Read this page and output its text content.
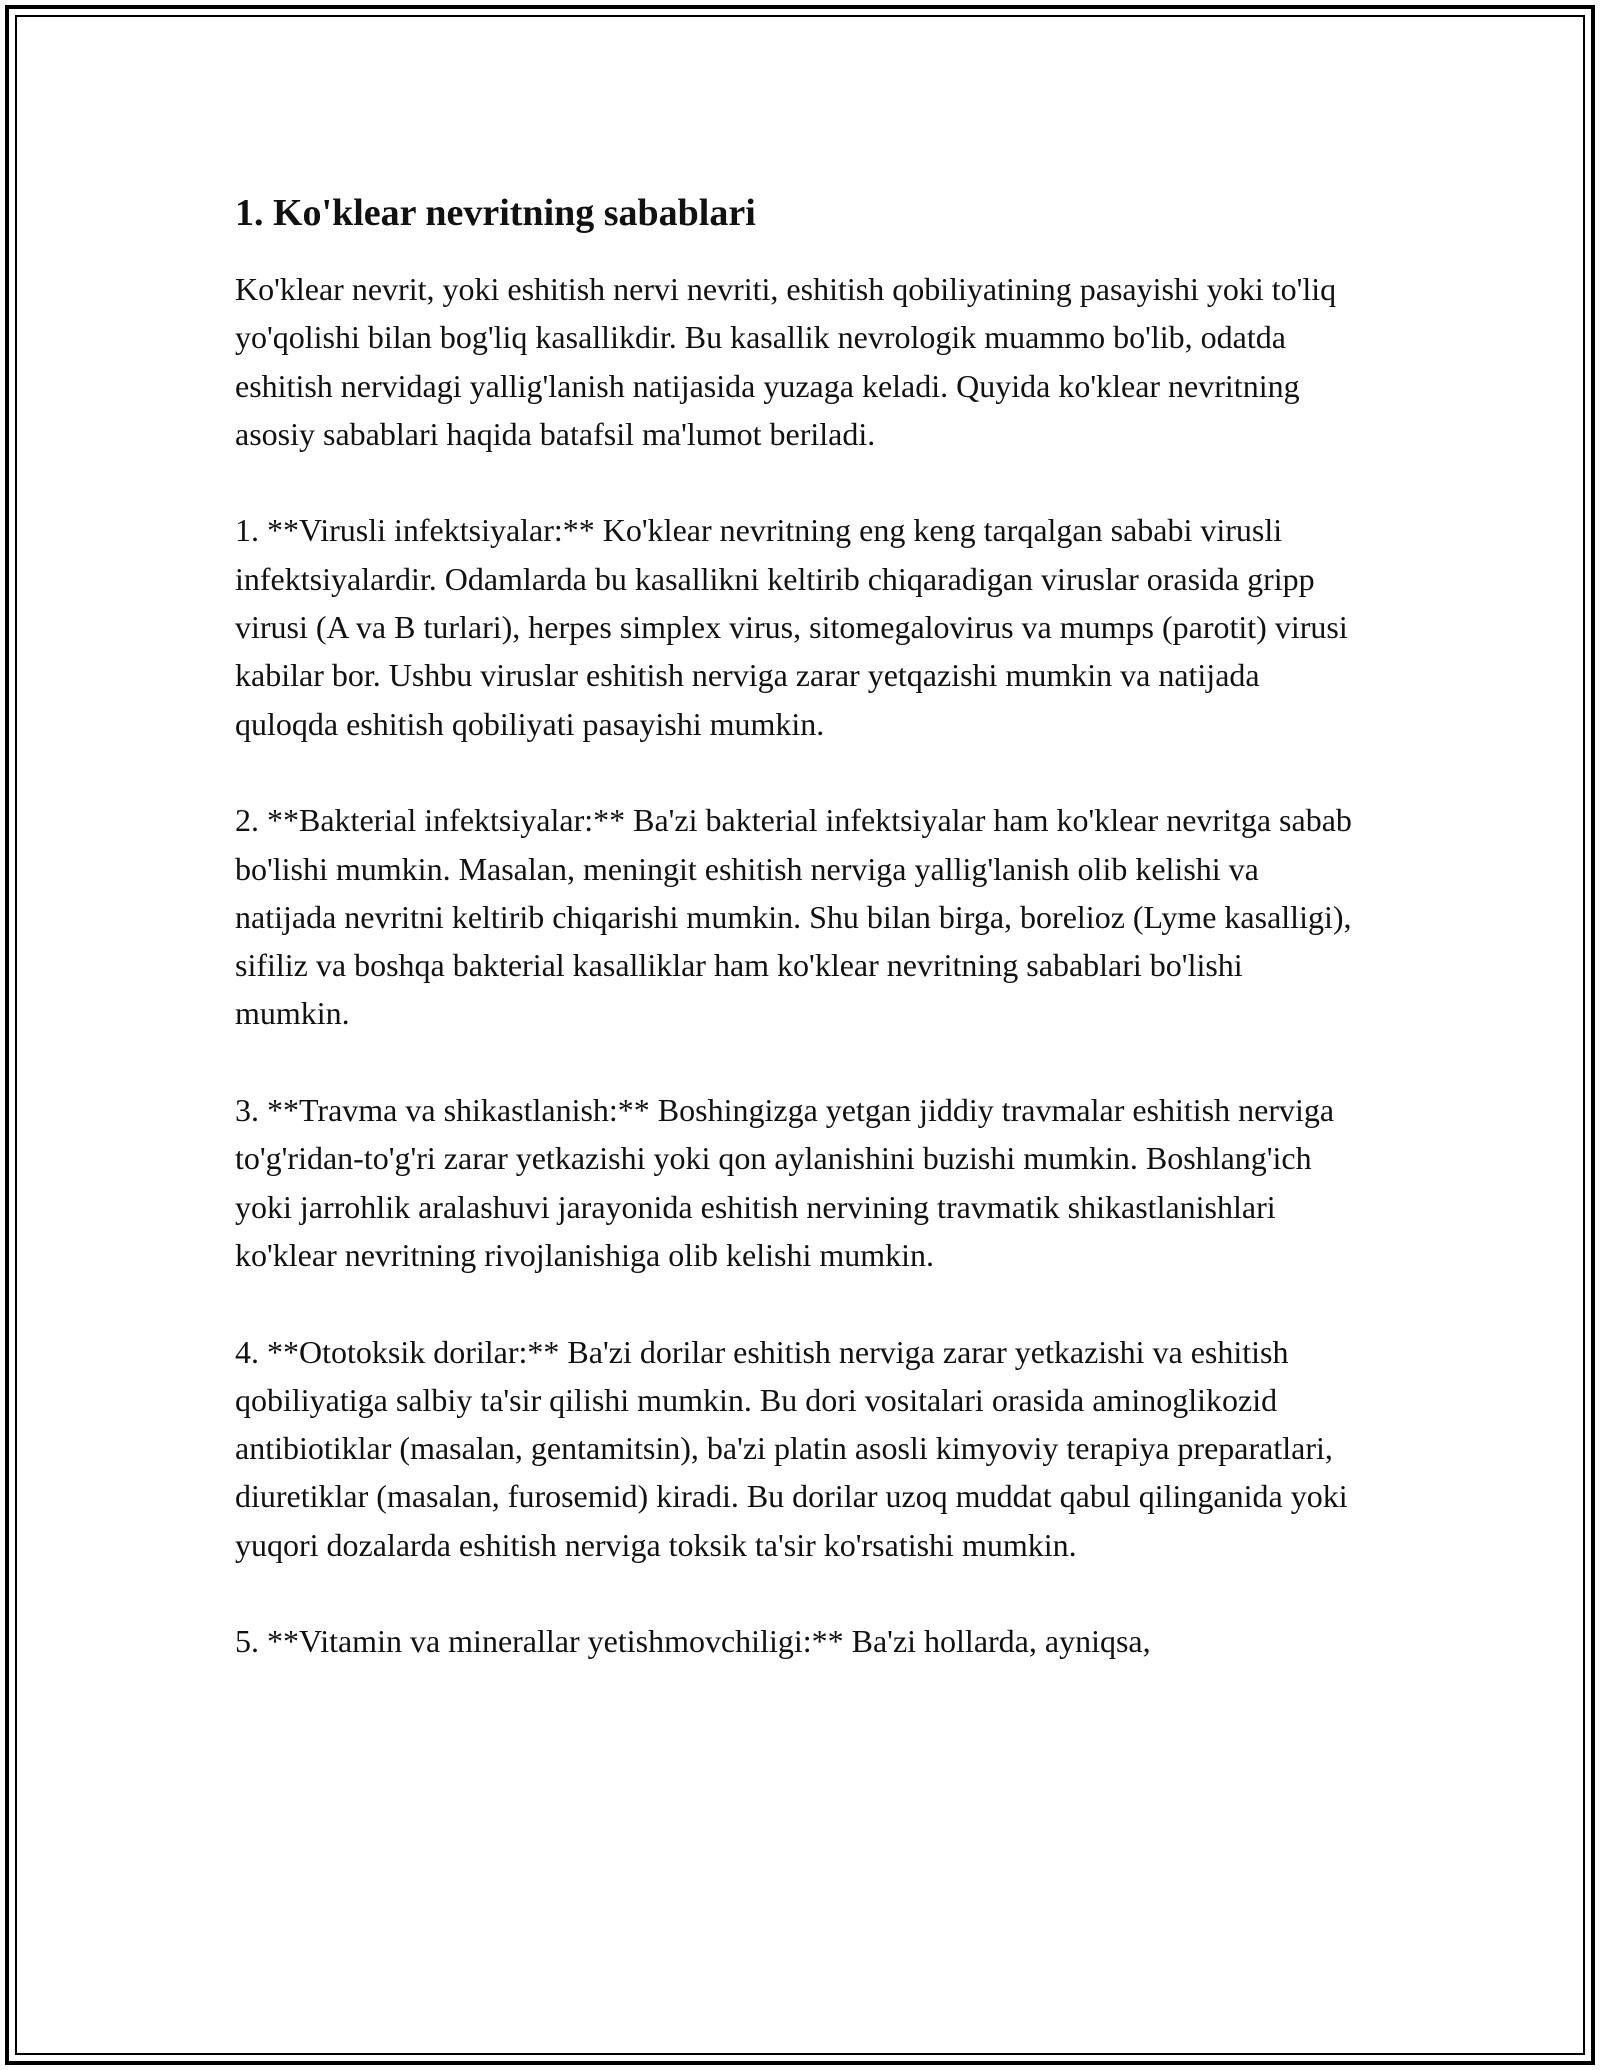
1. Ko'klear nevritning sabablari

Ko'klear nevrit, yoki eshitish nervi nevriti, eshitish qobiliyatining pasayishi yoki to'liq yo'qolishi bilan bog'liq kasallikdir. Bu kasallik nevrologik muammo bo'lib, odatda eshitish nervidagi yallig'lanish natijasida yuzaga keladi. Quyida ko'klear nevritning asosiy sabablari haqida batafsil ma'lumot beriladi.

1. **Virusli infektsiyalar:** Ko'klear nevritning eng keng tarqalgan sababi virusli infektsiyalardir. Odamlarda bu kasallikni keltirib chiqaradigan viruslar orasida gripp virusi (A va B turlari), herpes simplex virus, sitomegalovirus va mumps (parotit) virusi kabilar bor. Ushbu viruslar eshitish nerviga zarar yetqazishi mumkin va natijada quloqda eshitish qobiliyati pasayishi mumkin.

2. **Bakterial infektsiyalar:** Ba'zi bakterial infektsiyalar ham ko'klear nevritga sabab bo'lishi mumkin. Masalan, meningit eshitish nerviga yallig'lanish olib kelishi va natijada nevritni keltirib chiqarishi mumkin. Shu bilan birga, borelioz (Lyme kasalligi), sifiliz va boshqa bakterial kasalliklar ham ko'klear nevritning sabablari bo'lishi mumkin.

3. **Travma va shikastlanish:** Boshingizga yetgan jiddiy travmalar eshitish nerviga to'g'ridan-to'g'ri zarar yetkazishi yoki qon aylanishini buzishi mumkin. Boshlang'ich yoki jarrohlik aralashuvi jarayonida eshitish nervining travmatik shikastlanishlari ko'klear nevritning rivojlanishiga olib kelishi mumkin.

4. **Ototoksik dorilar:** Ba'zi dorilar eshitish nerviga zarar yetkazishi va eshitish qobiliyatiga salbiy ta'sir qilishi mumkin. Bu dori vositalari orasida aminoglikozid antibiotiklar (masalan, gentamitsin), ba'zi platin asosli kimyoviy terapiya preparatlari, diuretiklar (masalan, furosemid) kiradi. Bu dorilar uzoq muddat qabul qilinganida yoki yuqori dozalarda eshitish nerviga toksik ta'sir ko'rsatishi mumkin.

5. **Vitamin va minerallar yetishmovchiligi:** Ba'zi hollarda, ayniqsa,
